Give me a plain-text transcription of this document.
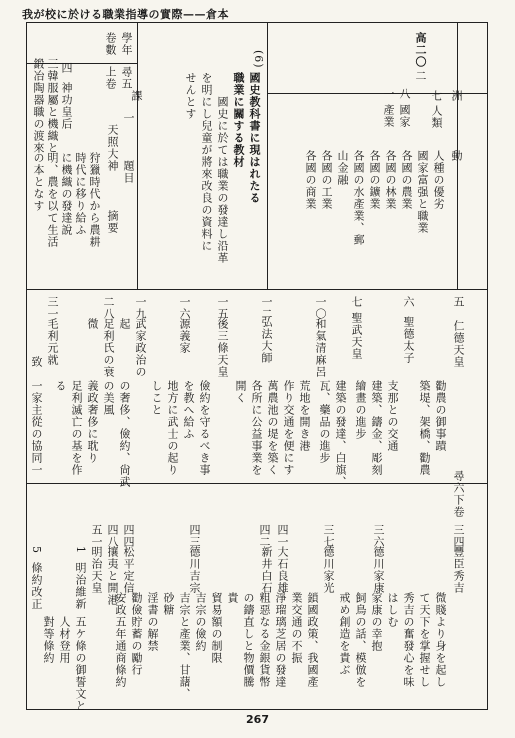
我が校に於ける職業指導の實際——倉本
高二〇
七
人類
二
八
國家
一
產業
洲
動
人種の優劣
國家富强と職業
各國の農業
各國の林業
各國の鑛業
各國の水產業、郵
山金融
各國の工業
各國の商業
(6)
國史教科書に現はれたる
職業に關する教材
國史に於ては職業の發達し沿革
を明にし兒童が將來改良の資料に
せんとす
學年
尋五
卷數
上卷
課
一
題目
天照大神
摘要
狩獵時代から農耕
時代に移り給ふ
に機織の發達說
四
神功皇后
明、農を以て生活
の本となす
三韓服屬と機織と
鍛冶陶器職の渡來
五
仁德天皇
勸農の御事蹟
築堤、架橋、勸農
六
聖德太子
支那との交通
建築、鑄金、彫刻
繪畫の進步
七
聖武天皇
建築の發達、白旗、
瓦、藥品の進步
一〇
和氣清麻呂
荒地を開き港
作り交通を便にす
萬農池の堤を築く
各所に公益事業を
開く
一二
弘法大師
一五
後三條天皇
儉約を守るべき事
を教へ給ふ
地方に武士の起り
しこと
一六
源義家
一九
武家政治の
起
の奢侈、儉約、尙武
の美風
二八
足利氏の衰
微
義政奢侈に耽り
足利滅亡の基を作
る
三一
毛利元就
致
一家主從の協同一
尋六下卷
三四
豐臣秀吉
微賤より身を起し
て天下を掌握せし
秀吉の奮發心を味
はしむ
三六
德川家康
家康の幸抱
飼鳥の話、模倣を
戒め創造を貴ぶ
三七
德川家光
鎖國政策、我國產
業交通の不振
淨瑠璃芝居の發達
四一
大石良雄
粗惡なる金銀貨幣
四二
新井白石
の鑄直しと物價騰
貴
貿易額の制限
四三
德川吉宗
吉宗の儉約
吉宗と產業、甘藷、
砂糖
四四
松平定信
淫書の解禁
勸儉貯蓄の勵行
四八
攘夷と開港
安政五年通商條約
五一
明治天皇
1
明治維新
五ケ條の御誓文と
人材登用
對等條約
5
條約改正
267
